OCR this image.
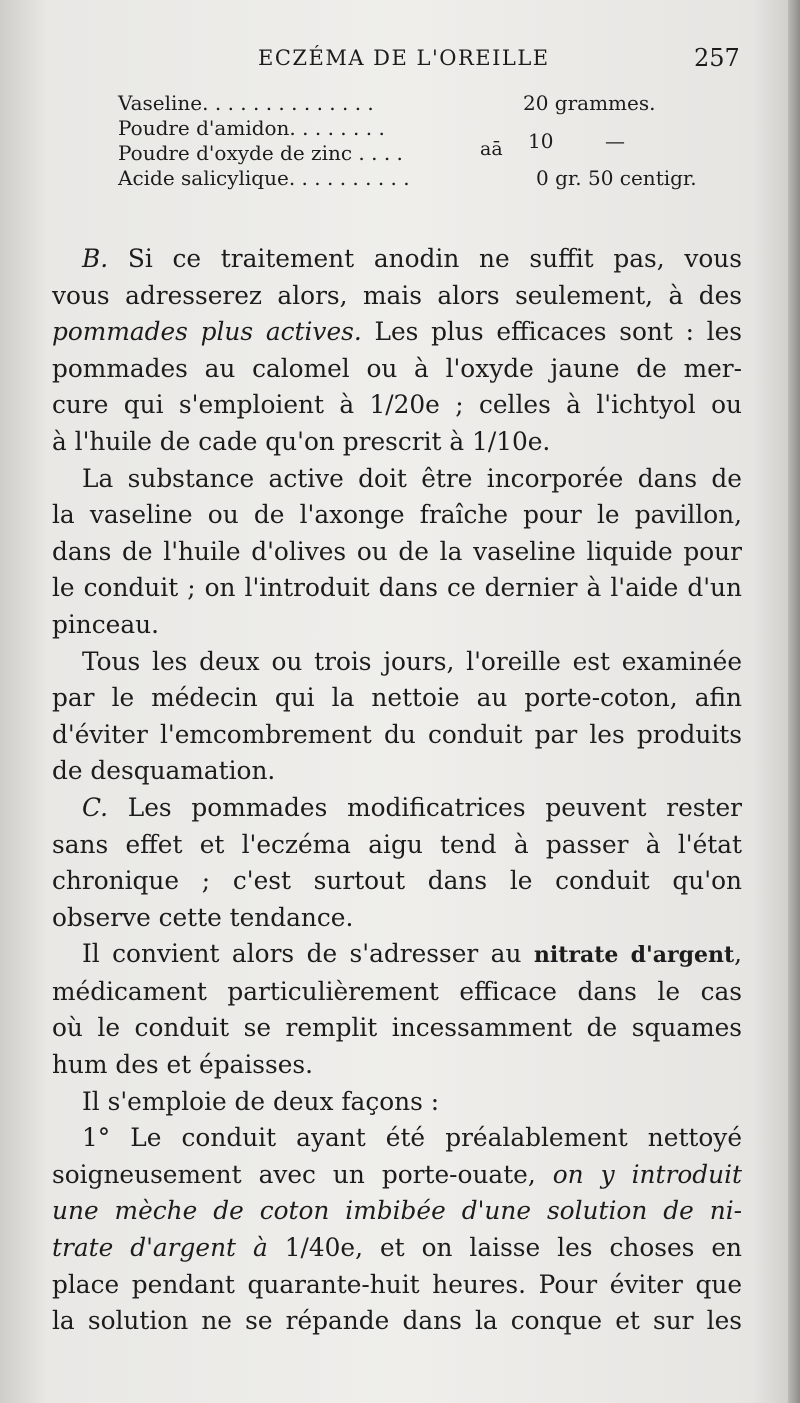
ECZÉMA DE L'OREILLE	257
Vaseline. . . . . . . . . . . . . .	20 grammes.
Poudre d'amidon. . . . . . . .
Poudre d'oxyde de zinc . . . .	aā 10	—
Acide salicylique. . . . . . . . . .	0 gr. 50 centigr.
B. Si ce traitement anodin ne suffit pas, vous
vous adresserez alors, mais alors seulement, à des
pommades plus actives. Les plus efficaces sont : les
pommades au calomel ou à l'oxyde jaune de mer-
cure qui s'emploient à 1/20e ; celles à l'ichtyol ou
à l'huile de cade qu'on prescrit à 1/10e.
La substance active doit être incorporée dans de
la vaseline ou de l'axonge fraîche pour le pavillon,
dans de l'huile d'olives ou de la vaseline liquide pour
le conduit ; on l'introduit dans ce dernier à l'aide d'un
pinceau.
Tous les deux ou trois jours, l'oreille est examinée
par le médecin qui la nettoie au porte-coton, afin
d'éviter l'emcombrement du conduit par les produits
de desquamation.
C. Les pommades modificatrices peuvent rester
sans effet et l'eczéma aigu tend à passer à l'état
chronique ; c'est surtout dans le conduit qu'on
observe cette tendance.
Il convient alors de s'adresser au nitrate d'argent,
médicament particulièrement efficace dans le cas
où le conduit se remplit incessamment de squames
hum des et épaisses.
Il s'emploie de deux façons :
1° Le conduit ayant été préalablement nettoyé
soigneusement avec un porte-ouate, on y introduit
une mèche de coton imbibée d'une solution de ni-
trate d'argent à 1/40e, et on laisse les choses en
place pendant quarante-huit heures. Pour éviter que
la solution ne se répande dans la conque et sur les
